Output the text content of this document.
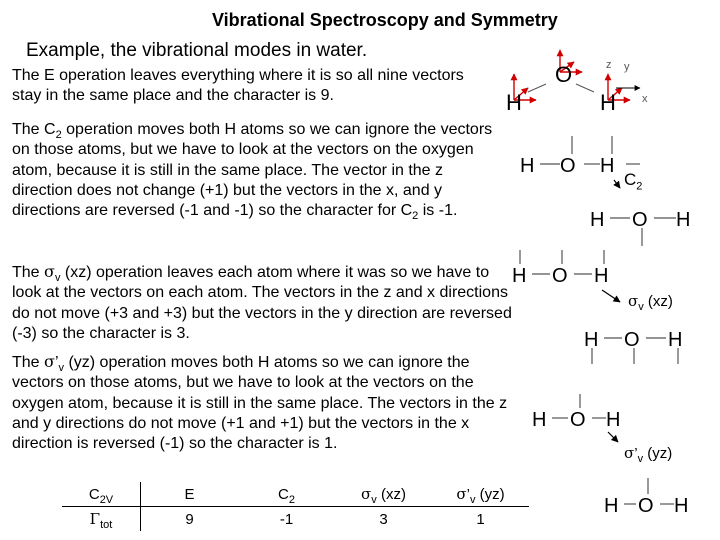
Vibrational Spectroscopy and Symmetry
Example, the vibrational modes in water.
The E operation leaves everything where it is so all nine vectors stay in the same place and the character is 9.
The $C_2$ operation moves both H atoms so we can ignore the vectors on those atoms, but we have to look at the vectors on the oxygen atom, because it is still in the same place. The vector in the z direction does not change (+1) but the vectors in the x, and y directions are reversed (-1 and -1) so the character for $C_2$ is -1.
The $\sigma_v$ (xz) operation leaves each atom where it was so we have to look at the vectors on each atom. The vectors in the z and x directions do not move (+3 and +3) but the vectors in the y direction are reversed (-3) so the character is 3.
The $\sigma’_v$ (yz) operation moves both H atoms so we can ignore the vectors on those atoms, but we have to look at the vectors on the oxygen atom, because it is still in the same place. The vectors in the z and y directions do not move (+1 and +1) but the vectors in the x direction is reversed (-1) so the character is 1.
O
H	H
z y
x
H O H
H O H
H O H
H O H
H O H
H O H
$C_2$
$\sigma_v$ (xz)
$\sigma’_v$ (yz)
$C_{2V}$	E	$C_2$	$\sigma_v$ (xz)	$\sigma’_v$ (yz)
$\Gamma_{tot}$	9	-1	3	1
